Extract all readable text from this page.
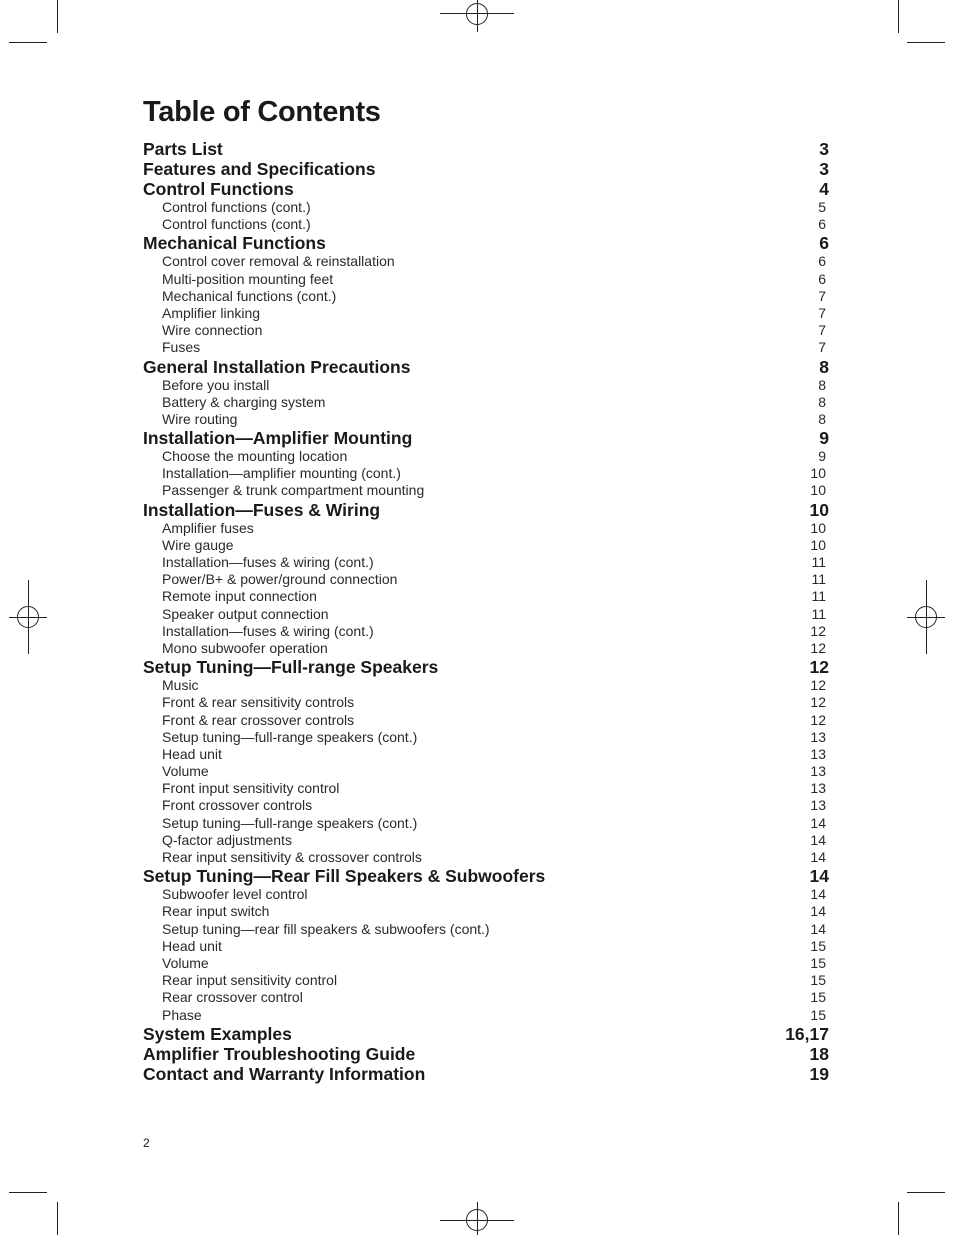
Table of Contents
Parts List	3
Features and Specifications	3
Control Functions	4
Control functions (cont.)	5
Control functions (cont.)	6
Mechanical Functions	6
Control cover removal & reinstallation	6
Multi-position mounting feet	6
Mechanical functions (cont.)	7
Amplifier linking	7
Wire connection	7
Fuses	7
General Installation Precautions	8
Before you install	8
Battery & charging system	8
Wire routing	8
Installation—Amplifier Mounting	9
Choose the mounting location	9
Installation—amplifier mounting (cont.)	10
Passenger & trunk compartment mounting	10
Installation—Fuses & Wiring	10
Amplifier fuses	10
Wire gauge	10
Installation—fuses & wiring (cont.)	11
Power/B+ & power/ground connection	11
Remote input connection	11
Speaker output connection	11
Installation—fuses & wiring (cont.)	12
Mono subwoofer operation	12
Setup Tuning—Full-range Speakers	12
Music	12
Front & rear sensitivity controls	12
Front & rear crossover controls	12
Setup tuning—full-range speakers (cont.)	13
Head unit	13
Volume	13
Front input sensitivity control	13
Front crossover controls	13
Setup tuning—full-range speakers (cont.)	14
Q-factor adjustments	14
Rear input sensitivity & crossover controls	14
Setup Tuning—Rear Fill Speakers & Subwoofers	14
Subwoofer level control	14
Rear input switch	14
Setup tuning—rear fill speakers & subwoofers (cont.)	14
Head unit	15
Volume	15
Rear input sensitivity control	15
Rear crossover control	15
Phase	15
System Examples	16,17
Amplifier Troubleshooting Guide	18
Contact and Warranty Information	19
2
